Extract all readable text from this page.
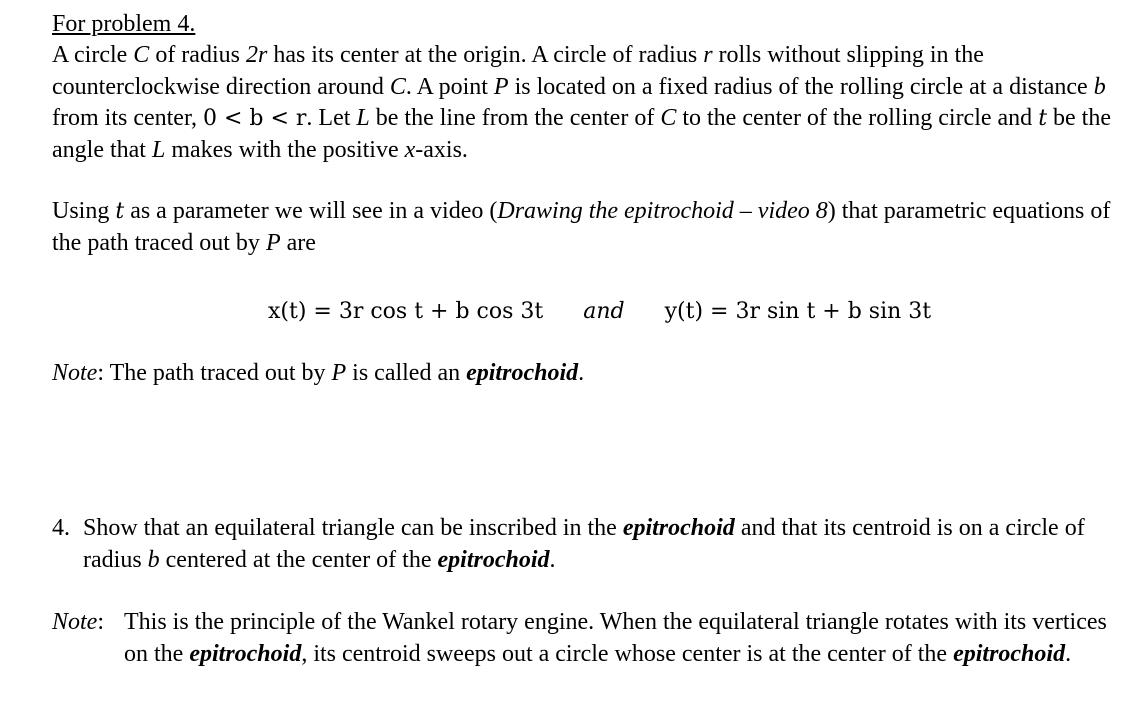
For problem 4.

A circle C of radius 2r has its center at the origin. A circle of radius r rolls without slipping in the counterclockwise direction around C. A point P is located on a fixed radius of the rolling circle at a distance b from its center, 0 < b < r. Let L be the line from the center of C to the center of the rolling circle and t be the angle that L makes with the positive x-axis.

Using t as a parameter we will see in a video (Drawing the epitrochoid – video 8) that parametric equations of the path traced out by P are

x(t) = 3r cos t + b cos 3t and y(t) = 3r sin t + b sin 3t
Note: The path traced out by P is called an epitrochoid.
4. Show that an equilateral triangle can be inscribed in the epitrochoid and that its centroid is on a circle of radius b centered at the center of the epitrochoid.
Note: This is the principle of the Wankel rotary engine. When the equilateral triangle rotates with its vertices on the epitrochoid, its centroid sweeps out a circle whose center is at the center of the epitrochoid.
